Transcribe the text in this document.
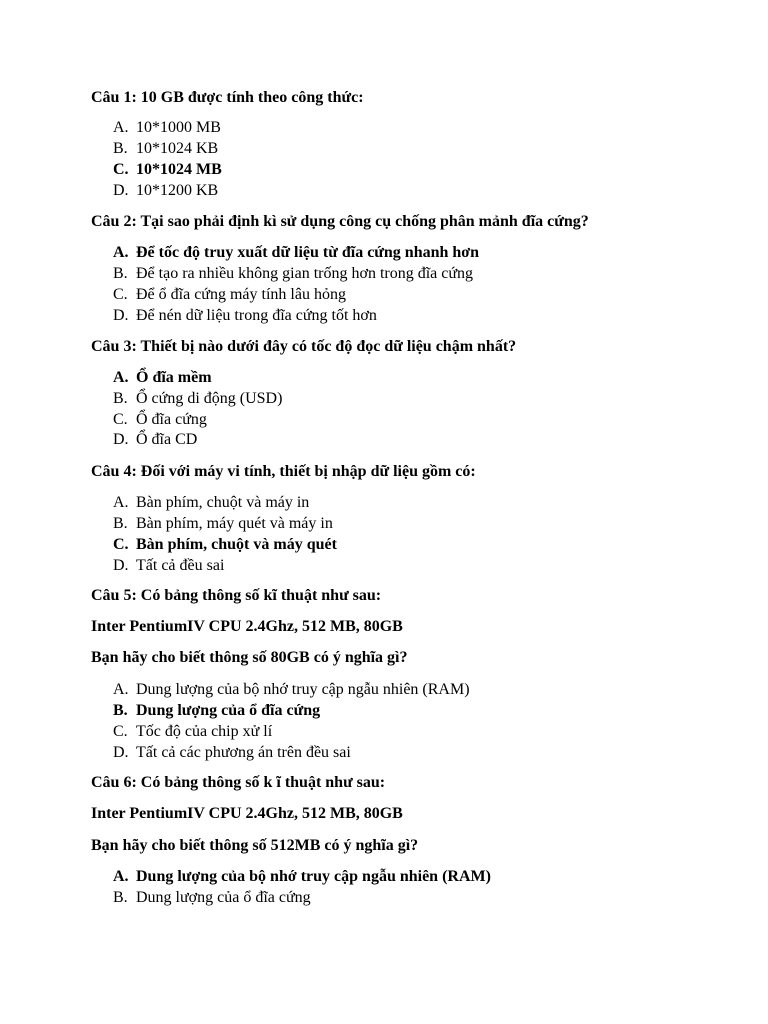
Câu 1: 10 GB được tính theo công thức:
A. 10*1000 MB
B. 10*1024 KB
C. 10*1024 MB
D. 10*1200 KB
Câu 2: Tại sao phải định kì sử dụng công cụ chống phân mảnh đĩa cứng?
A. Để tốc độ truy xuất dữ liệu từ đĩa cứng nhanh hơn
B. Để tạo ra nhiều không gian trống hơn trong đĩa cứng
C. Để ổ đĩa cứng máy tính lâu hỏng
D. Để nén dữ liệu trong đĩa cứng tốt hơn
Câu 3: Thiết bị nào dưới đây có tốc độ đọc dữ liệu chậm nhất?
A. Ổ đĩa mềm
B. Ổ cứng di động (USD)
C. Ổ đĩa cứng
D. Ổ đĩa CD
Câu 4: Đối với máy vi tính, thiết bị nhập dữ liệu gồm có:
A. Bàn phím, chuột và máy in
B. Bàn phím, máy quét và máy in
C. Bàn phím, chuột và máy quét
D. Tất cả đều sai
Câu 5: Có bảng thông số kĩ thuật như sau:
Inter PentiumIV CPU 2.4Ghz, 512 MB, 80GB
Bạn hãy cho biết thông số 80GB có ý nghĩa gì?
A. Dung lượng của bộ nhớ truy cập ngẫu nhiên (RAM)
B. Dung lượng của ổ đĩa cứng
C. Tốc độ của chip xử lí
D. Tất cả các phương án trên đều sai
Câu 6: Có bảng thông số k ĩ thuật như sau:
Inter PentiumIV CPU 2.4Ghz, 512 MB, 80GB
Bạn hãy cho biết thông số 512MB có ý nghĩa gì?
A. Dung lượng của bộ nhớ truy cập ngẫu nhiên (RAM)
B. Dung lượng của ổ đĩa cứng
